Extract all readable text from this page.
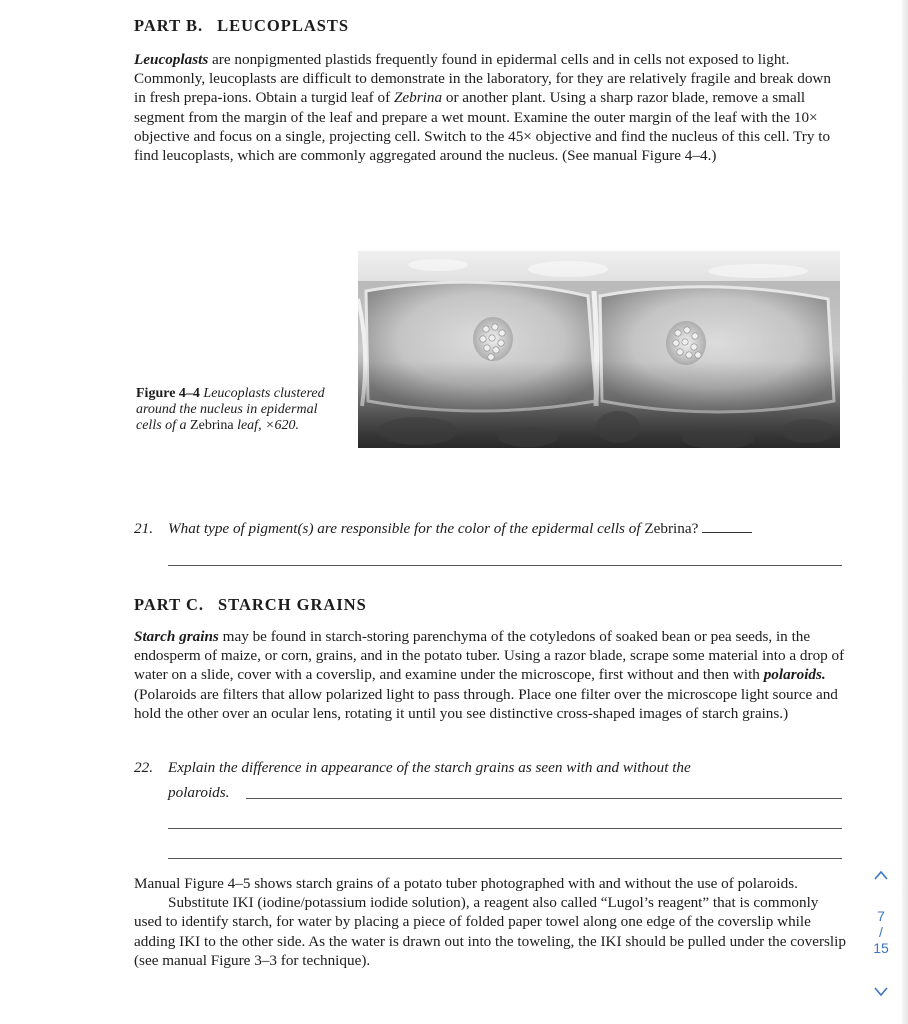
PART B. LEUCOPLASTS

Leucoplasts are nonpigmented plastids frequently found in epidermal cells and in cells not exposed to light. Commonly, leucoplasts are difficult to demonstrate in the laboratory, for they are relatively fragile and break down in fresh prepa‐ions. Obtain a turgid leaf of Zebrina or another plant. Using a sharp razor blade, remove a small segment from the margin of the leaf and prepare a wet mount. Examine the outer margin of the leaf with the 10× objective and focus on a single, projecting cell. Switch to the 45× objective and find the nucleus of this cell. Try to find leucoplasts, which are commonly aggregated around the nucleus. (See manual Figure 4–4.)

Figure 4–4 Leucoplasts clustered around the nucleus in epidermal cells of a Zebrina leaf, ×620.
21. What type of pigment(s) are responsible for the color of the epidermal cells of Zebrina?
PART C. STARCH GRAINS

Starch grains may be found in starch-storing parenchyma of the cotyledons of soaked bean or pea seeds, in the endosperm of maize, or corn, grains, and in the potato tuber. Using a razor blade, scrape some material into a drop of water on a slide, cover with a coverslip, and examine under the microscope, first without and then with polaroids. (Polaroids are filters that allow polarized light to pass through. Place one filter over the microscope light source and hold the other over an ocular lens, rotating it until you see distinctive cross-shaped images of starch grains.)

22. Explain the difference in appearance of the starch grains as seen with and without the
polaroids.

Manual Figure 4–5 shows starch grains of a potato tuber photographed with and without the use of polaroids.

Substitute IKI (iodine/potassium iodide solution), a reagent also called “Lugol’s reagent” that is commonly used to identify starch, for water by placing a piece of folded paper towel along one edge of the coverslip while adding IKI to the other side. As the water is drawn out into the toweling, the IKI should be pulled under the coverslip (see manual Figure 3–3 for technique).

7
/
15
